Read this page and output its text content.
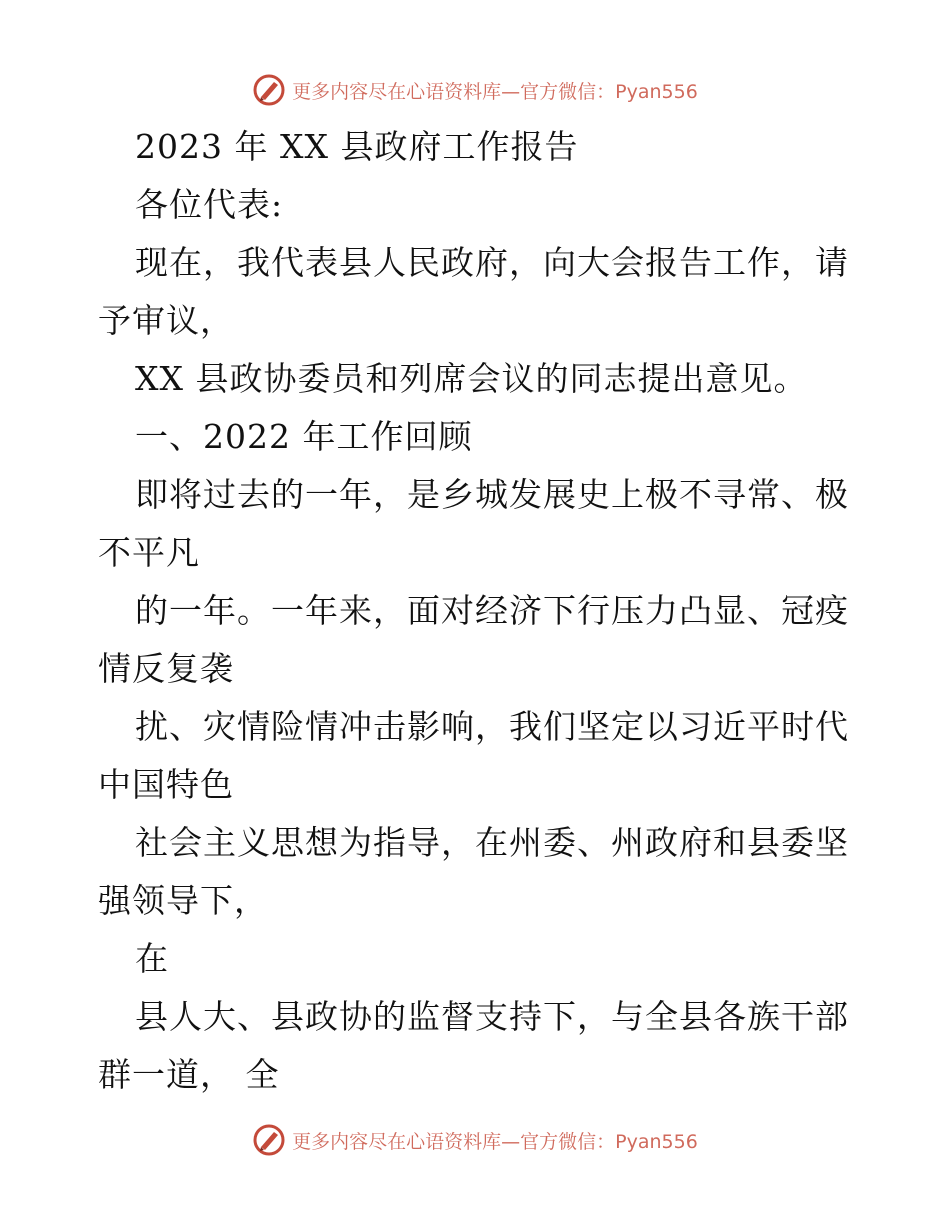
更多内容尽在心语资料库—官方微信：Pyan556
2023 年 XX 县政府工作报告
各位代表:
现在，我代表县人民政府，向大会报告工作，请
予审议，
XX 县政协委员和列席会议的同志提出意见。
一、2022 年工作回顾
即将过去的一年，是乡城发展史上极不寻常、极
不平凡
的一年。一年来，面对经济下行压力凸显、冠疫
情反复袭
扰、灾情险情冲击影响，我们坚定以习近平时代
中国特色
社会主义思想为指导，在州委、州政府和县委坚
强领导下，
在
县人大、县政协的监督支持下，与全县各族干部
群一道， 全
更多内容尽在心语资料库—官方微信：Pyan556
